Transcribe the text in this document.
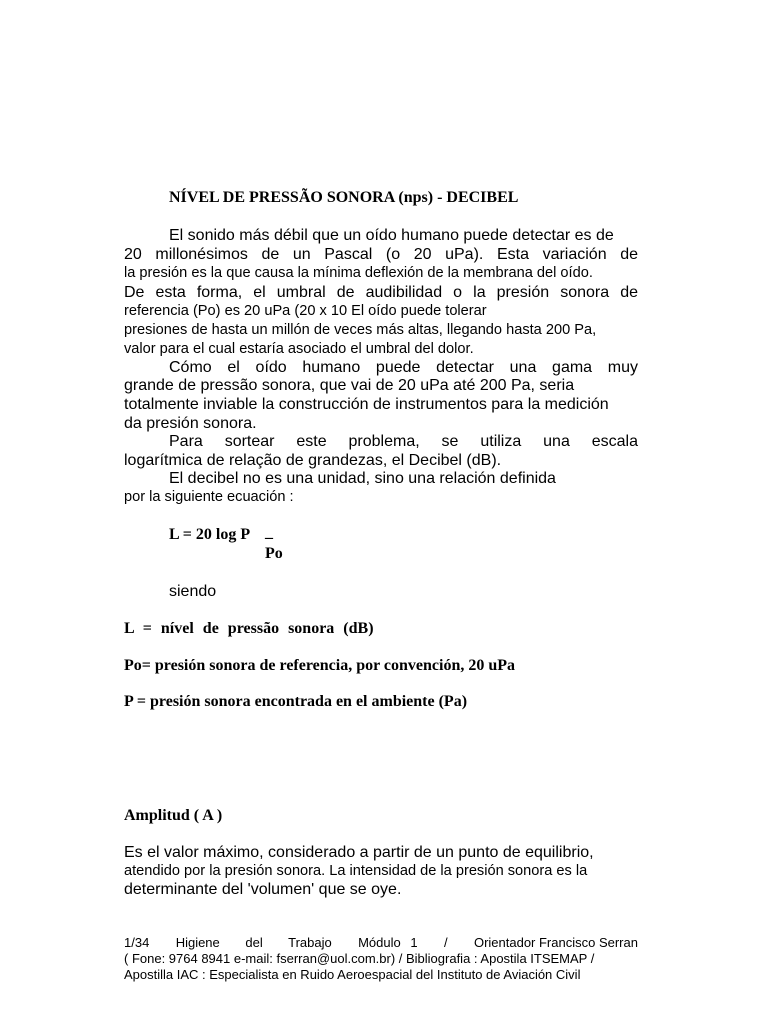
NÍVEL DE PRESSÃO SONORA (nps) - DECIBEL
El sonido más débil que un oído humano puede detectar es de
20 millonésimos de un Pascal (o 20 uPa). Esta variación de
la presión es la que causa la mínima deflexión de la membrana del oído.
De esta forma, el umbral de audibilidad o la presión sonora de
referencia (Po) es 20 uPa (20 x 10 El oído puede tolerar
presiones de hasta un millón de veces más altas, llegando hasta 200 Pa,
valor para el cual estaría asociado el umbral del dolor.
Cómo el oído humano puede detectar una gama muy
grande de pressão sonora, que vai de 20 uPa até 200 Pa, seria
totalmente inviable la construcción de instrumentos para la medición
da presión sonora.
Para sortear este problema, se utiliza una escala
logarítmica de relação de grandezas, el Decibel (dB).
El decibel no es una unidad, sino una relación definida
por la siguiente ecuación :
L = 20 log P _
Po
siendo
L = nível de pressão sonora (dB)
Po= presión sonora de referencia, por convención, 20 uPa
P = presión sonora encontrada en el ambiente (Pa)
Amplitud ( A )
Es el valor máximo, considerado a partir de un punto de equilibrio,
atendido por la presión sonora. La intensidad de la presión sonora es la
determinante del 'volumen' que se oye.
1/34 Higiene del Trabajo Módulo 1 / Orientador Francisco Serran
( Fone: 9764 8941 e-mail: fserran@uol.com.br) / Bibliografia : Apostila ITSEMAP /
Apostilla IAC : Especialista en Ruido Aeroespacial del Instituto de Aviación Civil
